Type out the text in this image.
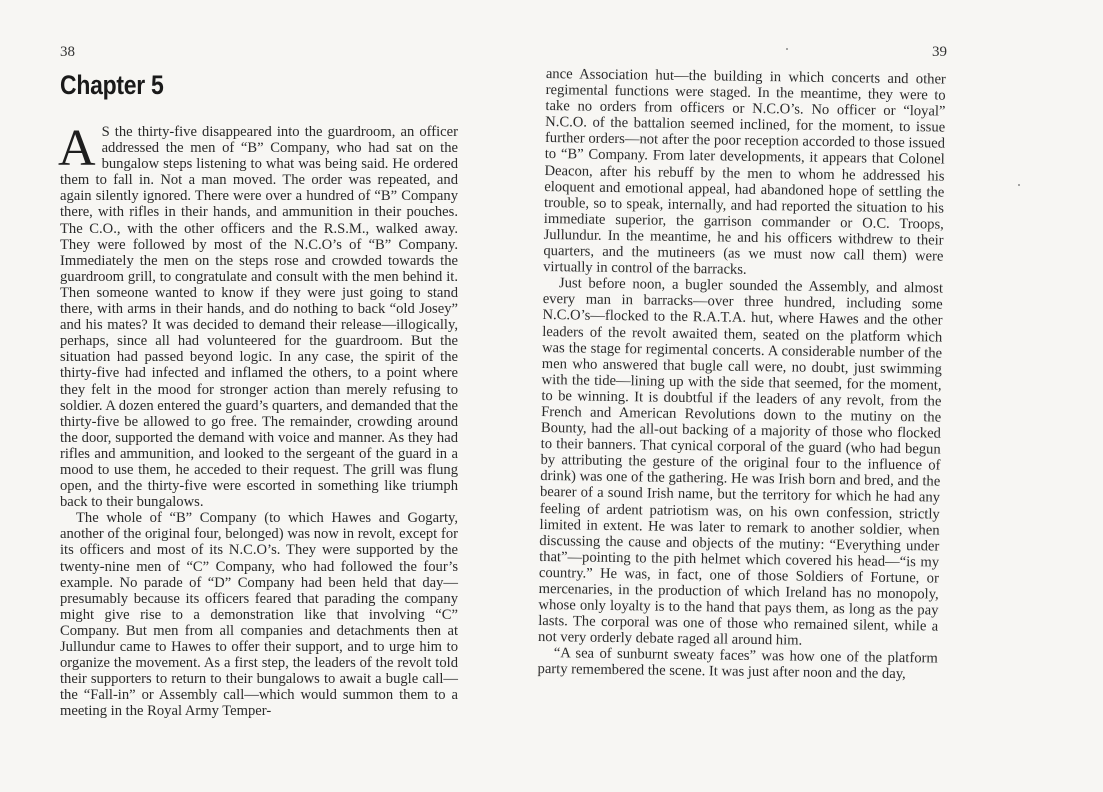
38
Chapter 5

A S the thirty-five disappeared into the guardroom, an officer addressed the men of “B” Company, who had sat on the bungalow steps listening to what was being said. He ordered them to fall in. Not a man moved. The order was repeated, and again silently ignored. There were over a hundred of “B” Company there, with rifles in their hands, and ammunition in their pouches. The C.O., with the other officers and the R.S.M., walked away. They were followed by most of the N.C.O’s of “B” Company. Immediately the men on the steps rose and crowded towards the guardroom grill, to congratulate and consult with the men behind it. Then someone wanted to know if they were just going to stand there, with arms in their hands, and do nothing to back “old Josey” and his mates? It was decided to demand their release—illogically, perhaps, since all had volunteered for the guardroom. But the situation had passed beyond logic. In any case, the spirit of the thirty-five had infected and inflamed the others, to a point where they felt in the mood for stronger action than merely refusing to soldier. A dozen entered the guard’s quarters, and demanded that the thirty-five be allowed to go free. The remainder, crowding around the door, supported the demand with voice and manner. As they had rifles and ammunition, and looked to the sergeant of the guard in a mood to use them, he acceded to their request. The grill was flung open, and the thirty-five were escorted in something like triumph back to their bungalows.

The whole of “B” Company (to which Hawes and Gogarty, another of the original four, belonged) was now in revolt, except for its officers and most of its N.C.O’s. They were supported by the twenty-nine men of “C” Company, who had followed the four’s example. No parade of “D” Company had been held that day—presumably because its officers feared that parading the company might give rise to a demonstration like that involving “C” Company. But men from all companies and detachments then at Jullundur came to Hawes to offer their support, and to urge him to organize the movement. As a first step, the leaders of the revolt told their supporters to return to their bungalows to await a bugle call—the “Fall-in” or Assembly call—which would summon them to a meeting in the Royal Army Temper-

39

ance Association hut—the building in which concerts and other regimental functions were staged. In the meantime, they were to take no orders from officers or N.C.O’s. No officer or “loyal” N.C.O. of the battalion seemed inclined, for the moment, to issue further orders—not after the poor reception accorded to those issued to “B” Company. From later developments, it appears that Colonel Deacon, after his rebuff by the men to whom he addressed his eloquent and emotional appeal, had abandoned hope of settling the trouble, so to speak, internally, and had reported the situation to his immediate superior, the garrison commander or O.C. Troops, Jullundur. In the meantime, he and his officers withdrew to their quarters, and the mutineers (as we must now call them) were virtually in control of the barracks.

Just before noon, a bugler sounded the Assembly, and almost every man in barracks—over three hundred, including some N.C.O’s—flocked to the R.A.T.A. hut, where Hawes and the other leaders of the revolt awaited them, seated on the platform which was the stage for regimental concerts. A considerable number of the men who answered that bugle call were, no doubt, just swimming with the tide—lining up with the side that seemed, for the moment, to be winning. It is doubtful if the leaders of any revolt, from the French and American Revolutions down to the mutiny on the Bounty, had the all-out backing of a majority of those who flocked to their banners. That cynical corporal of the guard (who had begun by attributing the gesture of the original four to the influence of drink) was one of the gathering. He was Irish born and bred, and the bearer of a sound Irish name, but the territory for which he had any feeling of ardent patriotism was, on his own confession, strictly limited in extent. He was later to remark to another soldier, when discussing the cause and objects of the mutiny: “Everything under that”—pointing to the pith helmet which covered his head—“is my country.” He was, in fact, one of those Soldiers of Fortune, or mercenaries, in the production of which Ireland has no monopoly, whose only loyalty is to the hand that pays them, as long as the pay lasts. The corporal was one of those who remained silent, while a not very orderly debate raged all around him.

“A sea of sunburnt sweaty faces” was how one of the platform party remembered the scene. It was just after noon and the day,
